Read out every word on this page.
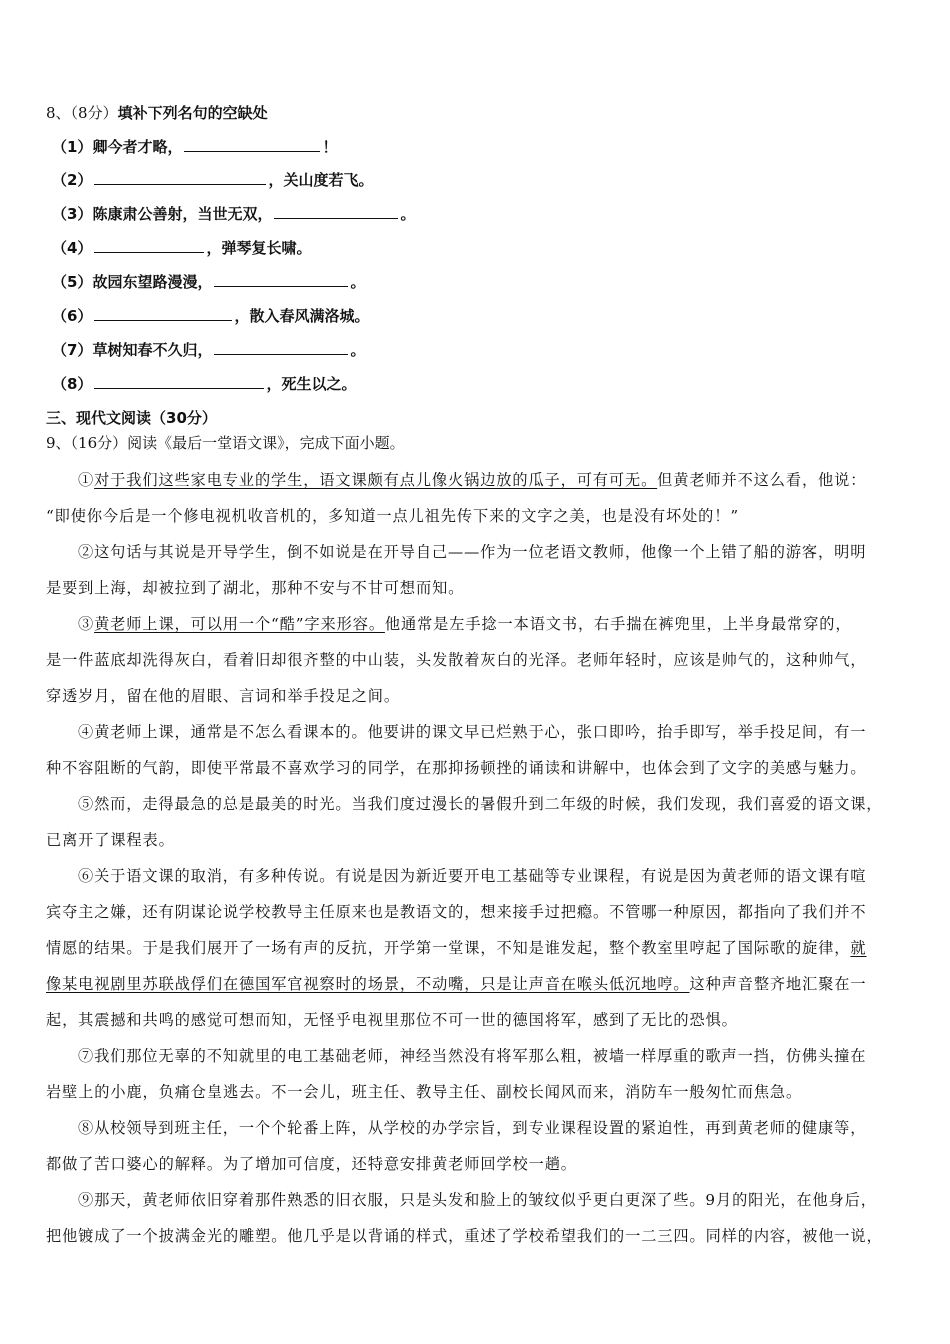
8、（8分）填补下列名句的空缺处
（1）卿今者才略，	！
（2）	，关山度若飞。
（3）陈康肃公善射，当世无双，	。
（4）	，弹琴复长啸。
（5）故园东望路漫漫，	。
（6）	，散入春风满洛城。
（7）草树知春不久归，	。
（8）	，死生以之。
三、现代文阅读（30分）
9、（16分）阅读《最后一堂语文课》，完成下面小题。
①对于我们这些家电专业的学生，语文课颇有点儿像火锅边放的瓜子，可有可无。但黄老师并不这么看，他说：
“即使你今后是一个修电视机收音机的，多知道一点儿祖先传下来的文字之美，也是没有坏处的！”
②这句话与其说是开导学生，倒不如说是在开导自己——作为一位老语文教师，他像一个上错了船的游客，明明
是要到上海，却被拉到了湖北，那种不安与不甘可想而知。
③黄老师上课，可以用一个“酷”字来形容。他通常是左手捻一本语文书，右手揣在裤兜里，上半身最常穿的，
是一件蓝底却洗得灰白，看着旧却很齐整的中山装，头发散着灰白的光泽。老师年轻时，应该是帅气的，这种帅气，
穿透岁月，留在他的眉眼、言词和举手投足之间。
④黄老师上课，通常是不怎么看课本的。他要讲的课文早已烂熟于心，张口即吟，抬手即写，举手投足间，有一
种不容阻断的气韵，即使平常最不喜欢学习的同学，在那抑扬顿挫的诵读和讲解中，也体会到了文字的美感与魅力。
⑤然而，走得最急的总是最美的时光。当我们度过漫长的暑假升到二年级的时候，我们发现，我们喜爱的语文课，
已离开了课程表。
⑥关于语文课的取消，有多种传说。有说是因为新近要开电工基础等专业课程，有说是因为黄老师的语文课有喧
宾夺主之嫌，还有阴谋论说学校教导主任原来也是教语文的，想来接手过把瘾。不管哪一种原因，都指向了我们并不
情愿的结果。于是我们展开了一场有声的反抗，开学第一堂课，不知是谁发起，整个教室里哼起了国际歌的旋律，就
像某电视剧里苏联战俘们在德国军官视察时的场景，不动嘴，只是让声音在喉头低沉地哼。这种声音整齐地汇聚在一
起，其震撼和共鸣的感觉可想而知，无怪乎电视里那位不可一世的德国将军，感到了无比的恐惧。
⑦我们那位无辜的不知就里的电工基础老师，神经当然没有将军那么粗，被墙一样厚重的歌声一挡，仿佛头撞在
岩壁上的小鹿，负痛仓皇逃去。不一会儿，班主任、教导主任、副校长闻风而来，消防车一般匆忙而焦急。
⑧从校领导到班主任，一个个轮番上阵，从学校的办学宗旨，到专业课程设置的紧迫性，再到黄老师的健康等，
都做了苦口婆心的解释。为了增加可信度，还特意安排黄老师回学校一趟。
⑨那天，黄老师依旧穿着那件熟悉的旧衣服，只是头发和脸上的皱纹似乎更白更深了些。9月的阳光，在他身后，
把他镀成了一个披满金光的雕塑。他几乎是以背诵的样式，重述了学校希望我们的一二三四。同样的内容，被他一说，
